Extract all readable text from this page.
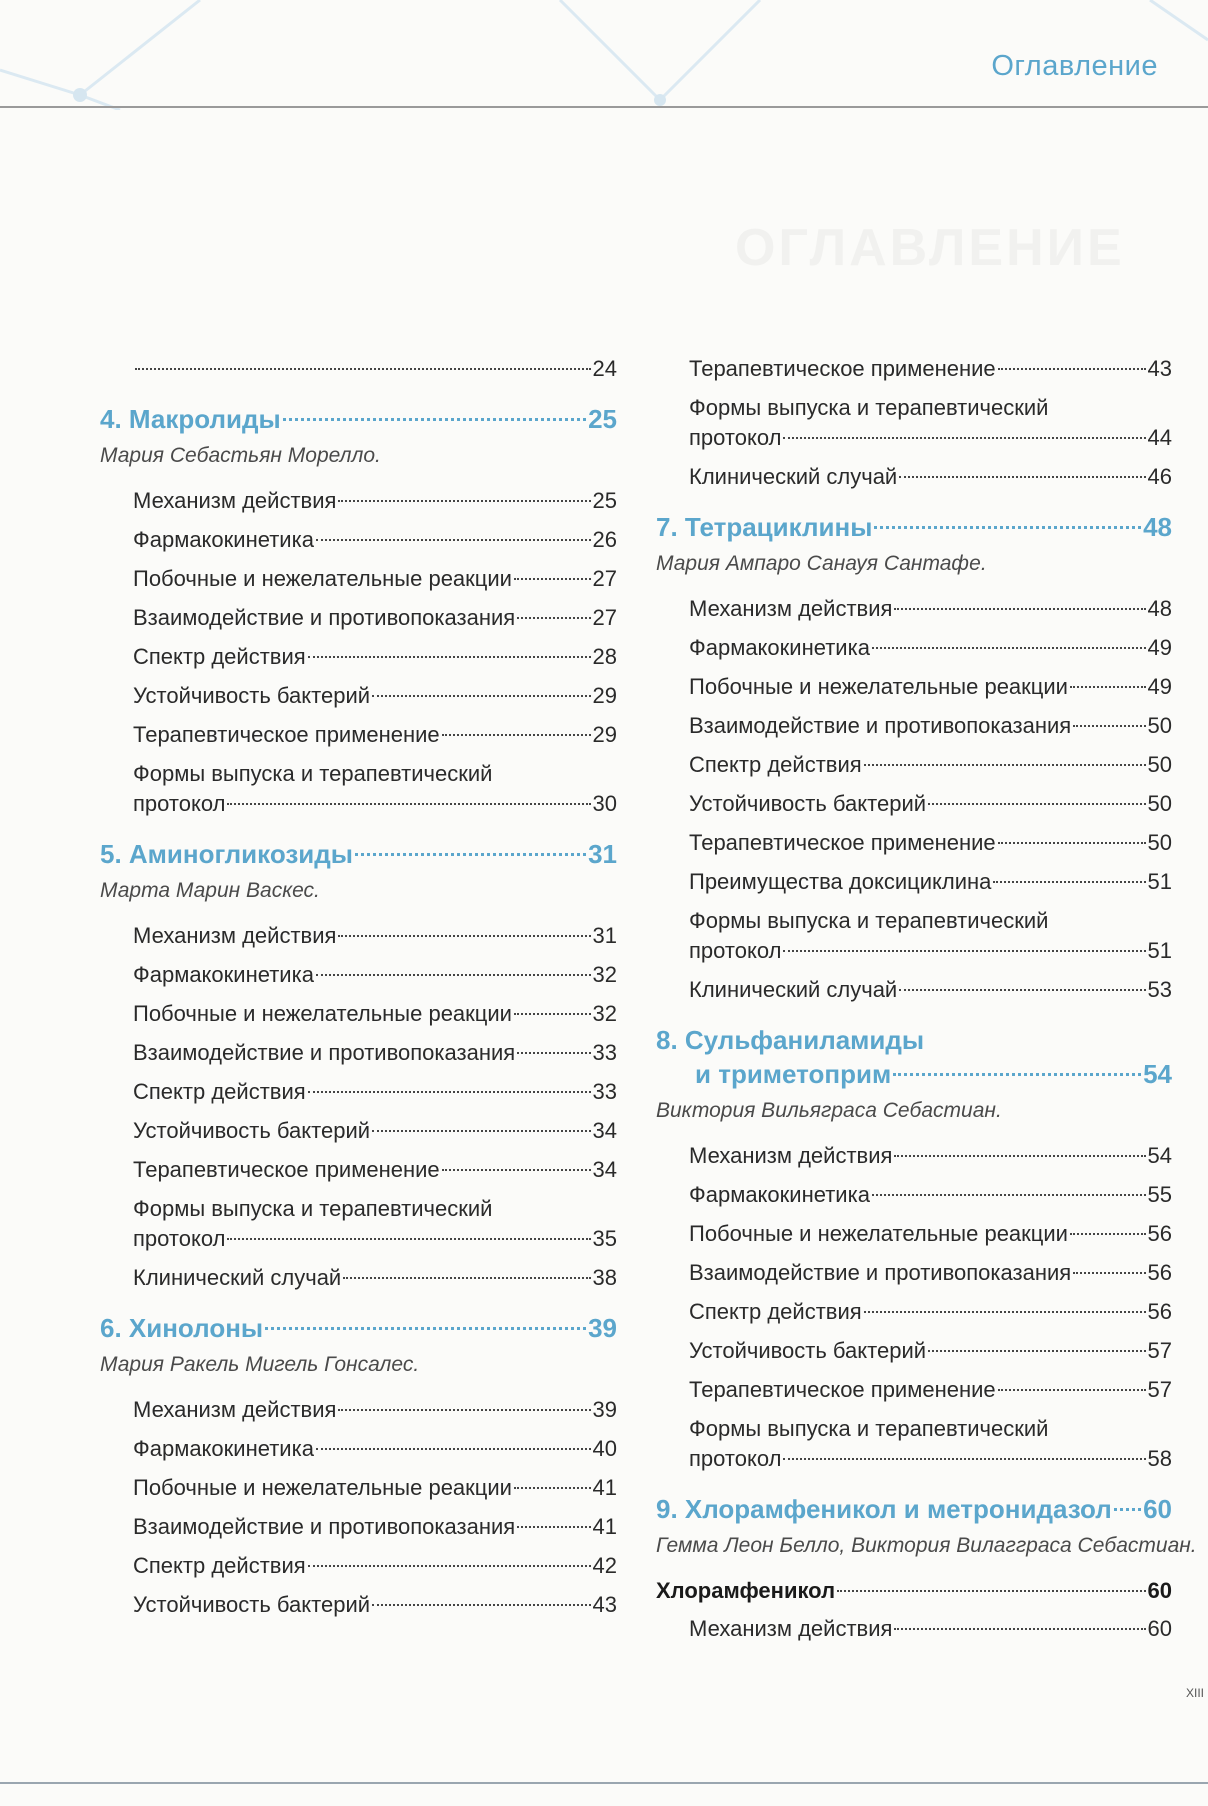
ОГЛАВЛЕНИЕ
Оглавление
24
4. Макролиды	25
Мария Себастьян Морелло.
Механизм действия	25
Фармакокинетика	26
Побочные и нежелательные реакции	27
Взаимодействие и противопоказания	27
Спектр действия	28
Устойчивость бактерий	29
Терапевтическое применение	29
Формы выпуска и терапевтический
протокол	30
5. Аминогликозиды	31
Марта Марин Васкес.
Механизм действия	31
Фармакокинетика	32
Побочные и нежелательные реакции	32
Взаимодействие и противопоказания	33
Спектр действия	33
Устойчивость бактерий	34
Терапевтическое применение	34
Формы выпуска и терапевтический
протокол	35
Клинический случай	38
6. Хинолоны	39
Мария Ракель Мигель Гонсалес.
Механизм действия	39
Фармакокинетика	40
Побочные и нежелательные реакции	41
Взаимодействие и противопоказания	41
Спектр действия	42
Устойчивость бактерий	43
Терапевтическое применение	43
Формы выпуска и терапевтический
протокол	44
Клинический случай	46
7. Тетрациклины	48
Мария Ампаро Санауя Сантафе.
Механизм действия	48
Фармакокинетика	49
Побочные и нежелательные реакции	49
Взаимодействие и противопоказания	50
Спектр действия	50
Устойчивость бактерий	50
Терапевтическое применение	50
Преимущества доксициклина	51
Формы выпуска и терапевтический
протокол	51
Клинический случай	53
8. Сульфаниламиды
и триметоприм	54
Виктория Вильяграса Себастиан.
Механизм действия	54
Фармакокинетика	55
Побочные и нежелательные реакции	56
Взаимодействие и противопоказания	56
Спектр действия	56
Устойчивость бактерий	57
Терапевтическое применение	57
Формы выпуска и терапевтический
протокол	58
9. Хлорамфеникол и метронидазол 60
Гемма Леон Белло, Виктория Вилагграса Себастиан.
Хлорамфеникол	60
Механизм действия	60
XIII
